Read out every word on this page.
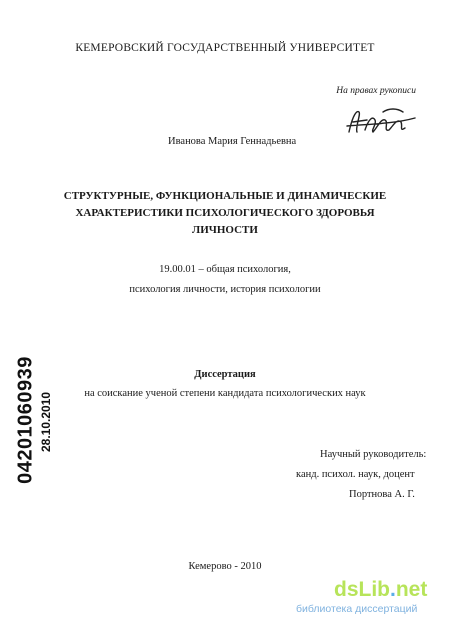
КЕМЕРОВСКИЙ ГОСУДАРСТВЕННЫЙ УНИВЕРСИТЕТ
На правах рукописи
Иванова Мария Геннадьевна
СТРУКТУРНЫЕ, ФУНКЦИОНАЛЬНЫЕ И ДИНАМИЧЕСКИЕ
ХАРАКТЕРИСТИКИ ПСИХОЛОГИЧЕСКОГО ЗДОРОВЬЯ
ЛИЧНОСТИ
19.00.01 – общая психология,
психология личности, история психологии
Диссертация
на соискание ученой степени кандидата психологических наук
Научный руководитель:
канд. психол. наук, доцент
Портнова А. Г.
Кемерово - 2010
04201060939 28.10.2010
dsLib.net
библиотека диссертаций
